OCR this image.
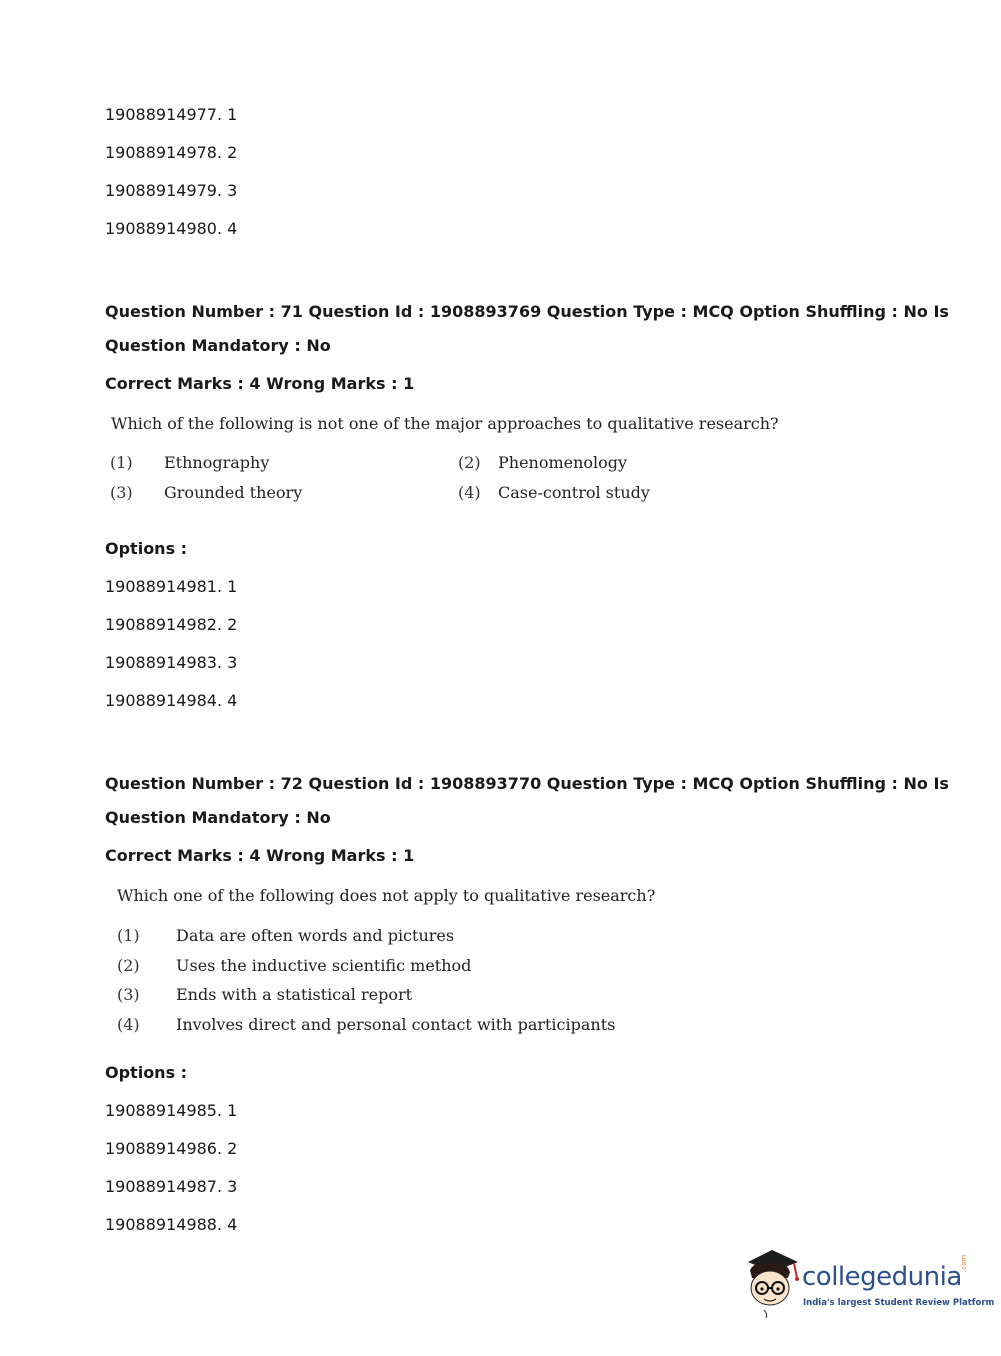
19088914977. 1
19088914978. 2
19088914979. 3
19088914980. 4
Question Number : 71 Question Id : 1908893769 Question Type : MCQ Option Shuffling : No Is
Question Mandatory : No
Correct Marks : 4 Wrong Marks : 1
Which of the following is not one of the major approaches to qualitative research?
(1) Ethnography	(2) Phenomenology
(3) Grounded theory	(4) Case-control study
Options :
19088914981. 1
19088914982. 2
19088914983. 3
19088914984. 4
Question Number : 72 Question Id : 1908893770 Question Type : MCQ Option Shuffling : No Is
Question Mandatory : No
Correct Marks : 4 Wrong Marks : 1
Which one of the following does not apply to qualitative research?
(1) Data are often words and pictures
(2) Uses the inductive scientific method
(3) Ends with a statistical report
(4) Involves direct and personal contact with participants
Options :
19088914985. 1
19088914986. 2
19088914987. 3
19088914988. 4
collegedunia
.com
India's largest Student Review Platform
